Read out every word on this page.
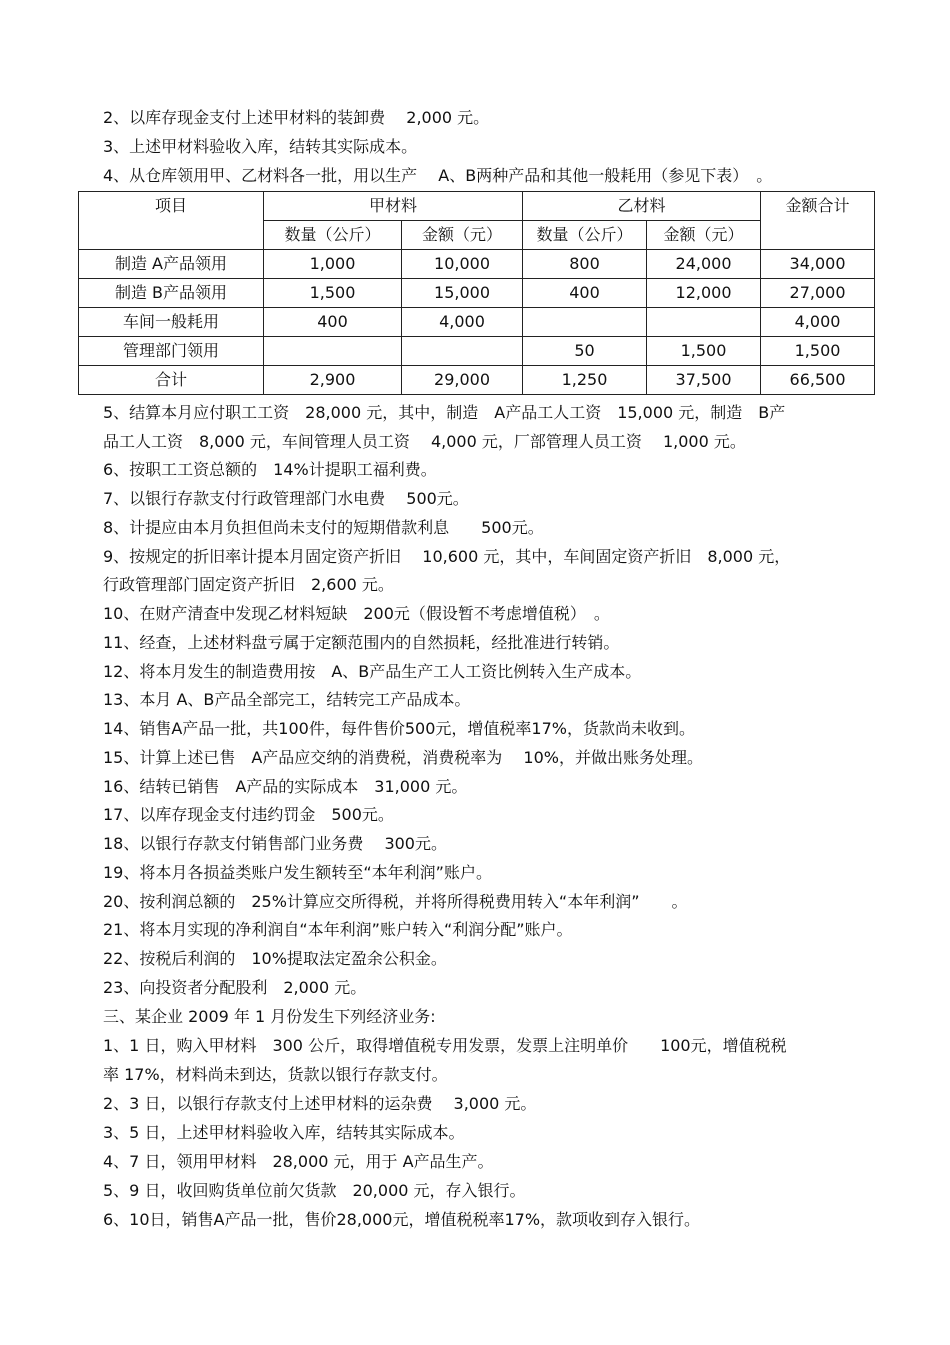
2、以库存现金支付上述甲材料的装卸费　 2,000 元。
3、上述甲材料验收入库，结转其实际成本。
4、从仓库领用甲、乙材料各一批，用以生产　 A、B两种产品和其他一般耗用（参见下表）　。
项目	甲材料		乙材料		金额合计
	数量（公斤）	金额（元）	数量（公斤）	金额（元）	
制造 A产品领用	1,000	10,000	800	24,000	34,000
制造 B产品领用	1,500	15,000	400	12,000	27,000
车间一般耗用	400	4,000			4,000
管理部门领用			50	1,500	1,500
合计	2,900	29,000	1,250	37,500	66,500
5、结算本月应付职工工资　28,000 元，其中，制造　A产品工人工资　15,000 元，制造　B产
品工人工资　8,000 元，车间管理人员工资　 4,000 元，厂部管理人员工资　 1,000 元。
6、按职工工资总额的　14%计提职工福利费。
7、以银行存款支付行政管理部门水电费　 500元。
8、计提应由本月负担但尚未支付的短期借款利息　　500元。
9、按规定的折旧率计提本月固定资产折旧　 10,600 元，其中，车间固定资产折旧　8,000 元，
行政管理部门固定资产折旧　2,600 元。
10、在财产清查中发现乙材料短缺　200元（假设暂不考虑增值税）　。
11、经查，上述材料盘亏属于定额范围内的自然损耗，经批准进行转销。
12、将本月发生的制造费用按　A、B产品生产工人工资比例转入生产成本。
13、本月 A、B产品全部完工，结转完工产品成本。
14、销售A产品一批，共100件，每件售价500元，增值税率17%，货款尚未收到。
15、计算上述已售　A产品应交纳的消费税，消费税率为　 10%，并做出账务处理。
16、结转已销售　A产品的实际成本　31,000 元。
17、以库存现金支付违约罚金　500元。
18、以银行存款支付销售部门业务费　 300元。
19、将本月各损益类账户发生额转至“本年利润”账户。
20、按利润总额的　25%计算应交所得税，并将所得税费用转入“本年利润”　　。
21、将本月实现的净利润自“本年利润”账户转入“利润分配”账户。
22、按税后利润的　10%提取法定盈余公积金。
23、向投资者分配股利　2,000 元。
三、某企业 2009 年 1 月份发生下列经济业务:
1、1 日，购入甲材料　300 公斤，取得增值税专用发票，发票上注明单价　　100元，增值税税
率 17%，材料尚未到达，货款以银行存款支付。
2、3 日，以银行存款支付上述甲材料的运杂费　 3,000 元。
3、5 日，上述甲材料验收入库，结转其实际成本。
4、7 日，领用甲材料　28,000 元，用于 A产品生产。
5、9 日，收回购货单位前欠货款　20,000 元，存入银行。
6、10日，销售A产品一批，售价28,000元，增值税税率17%，款项收到存入银行。
